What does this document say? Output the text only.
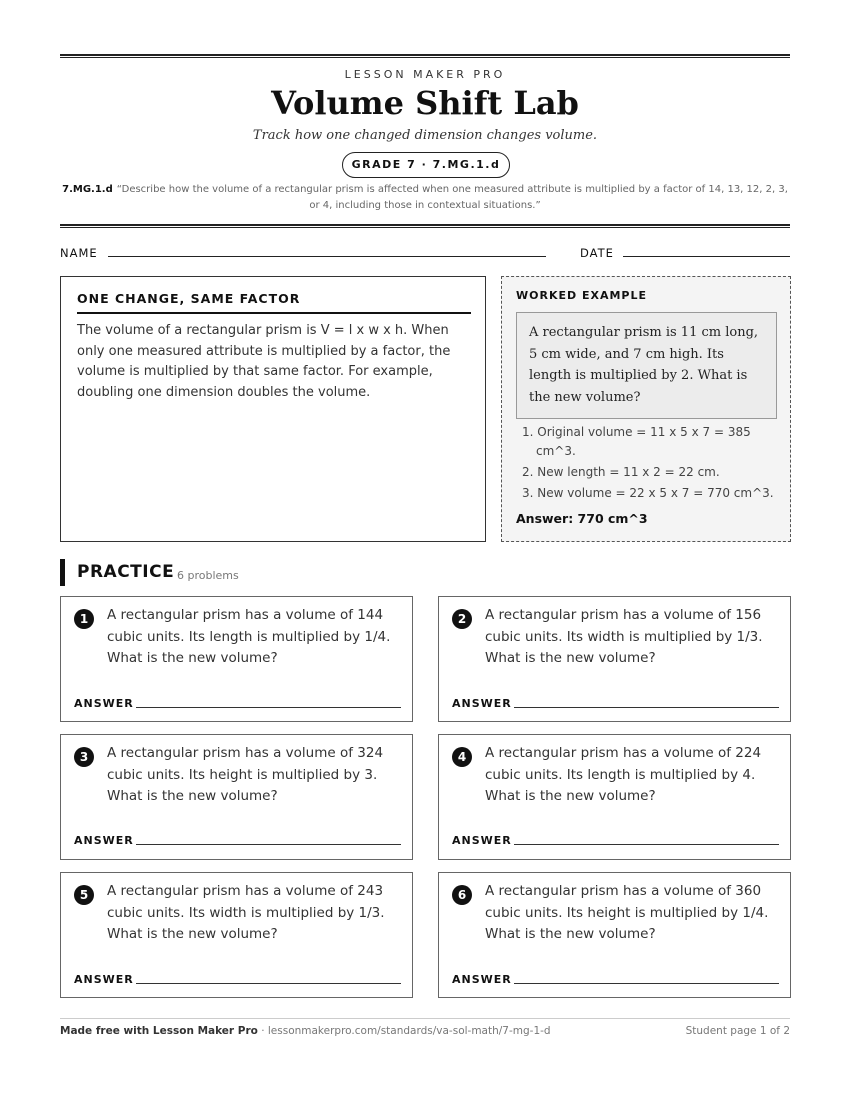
LESSON MAKER PRO
Volume Shift Lab
Track how one changed dimension changes volume.
GRADE 7 · 7.MG.1.d
7.MG.1.d “Describe how the volume of a rectangular prism is affected when one measured attribute is multiplied by a factor of 14, 13, 12, 2, 3, or 4, including those in contextual situations.”
NAME	DATE
ONE CHANGE, SAME FACTOR
The volume of a rectangular prism is V = l x w x h. When only one measured attribute is multiplied by a factor, the volume is multiplied by that same factor. For example, doubling one dimension doubles the volume.
WORKED EXAMPLE
A rectangular prism is 11 cm long, 5 cm wide, and 7 cm high. Its length is multiplied by 2. What is the new volume?
1. Original volume = 11 x 5 x 7 = 385 cm^3.
2. New length = 11 x 2 = 22 cm.
3. New volume = 22 x 5 x 7 = 770 cm^3.
Answer: 770 cm^3
PRACTICE 6 problems
1	A rectangular prism has a volume of 144 cubic units. Its length is multiplied by 1/4. What is the new volume?
ANSWER
2	A rectangular prism has a volume of 156 cubic units. Its width is multiplied by 1/3. What is the new volume?
ANSWER
3	A rectangular prism has a volume of 324 cubic units. Its height is multiplied by 3. What is the new volume?
ANSWER
4	A rectangular prism has a volume of 224 cubic units. Its length is multiplied by 4. What is the new volume?
ANSWER
5	A rectangular prism has a volume of 243 cubic units. Its width is multiplied by 1/3. What is the new volume?
ANSWER
6	A rectangular prism has a volume of 360 cubic units. Its height is multiplied by 1/4. What is the new volume?
ANSWER
Made free with Lesson Maker Pro · lessonmakerpro.com/standards/va-sol-math/7-mg-1-d	Student page 1 of 2
